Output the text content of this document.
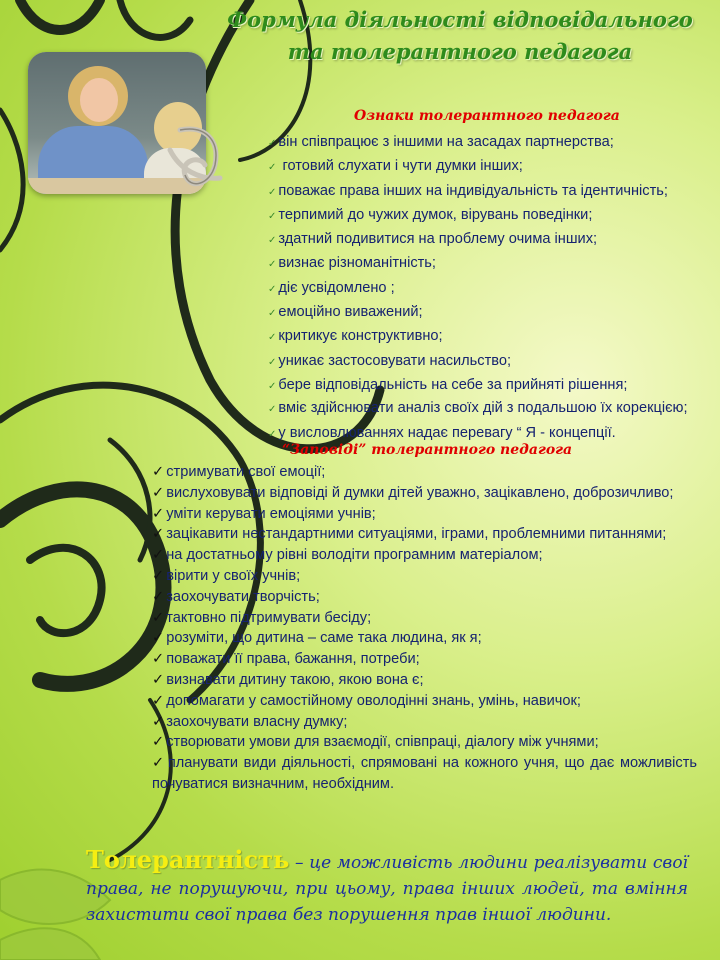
Формула діяльності відповідального
та толерантного педагога
Ознаки толерантного педагога
✓ він співпрацює з іншими на засадах партнерства;
✓ готовий слухати і чути думки інших;
✓ поважає права інших на індивідуальність та ідентичність;
✓ терпимий до чужих думок, вірувань поведінки;
✓ здатний подивитися на проблему очима інших;
✓ визнає різноманітність;
✓ діє усвідомлено ;
✓ емоційно виважений;
✓ критикує конструктивно;
✓ уникає застосовувати насильство;
✓ бере відповідальність на себе за прийняті рішення;
✓ вміє здійснювати аналіз своїх дій з подальшою їх корекцією;
✓ у висловлюваннях надає перевагу “ Я - концепції.
“Заповіді” толерантного педагога
✓ стримувати свої емоції;
✓ вислуховувати відповіді й думки дітей уважно, зацікавлено, доброзичливо;
✓ уміти керувати емоціями учнів;
✓ зацікавити нестандартними ситуаціями, іграми, проблемними питаннями;
✓ на достатньому рівні володіти програмним матеріалом;
✓ вірити у своїх учнів;
✓ заохочувати творчість;
✓ тактовно підтримувати бесіду;
✓ розуміти, що дитина – саме така людина, як я;
✓ поважати її права, бажання, потреби;
✓ визнавати дитину такою, якою вона є;
✓ допомагати у самостійному оволодінні знань, умінь, навичок;
✓ заохочувати власну думку;
✓ створювати умови для взаємодії, співпраці, діалогу між учнями;
✓ планувати види діяльності, спрямовані на кожного учня, що дає можливість почуватися визначним, необхідним.
Толерантність – це можливість людини реалізувати свої права, не порушуючи, при цьому, права інших людей, та вміння захистити свої права без порушення прав іншої людини.
